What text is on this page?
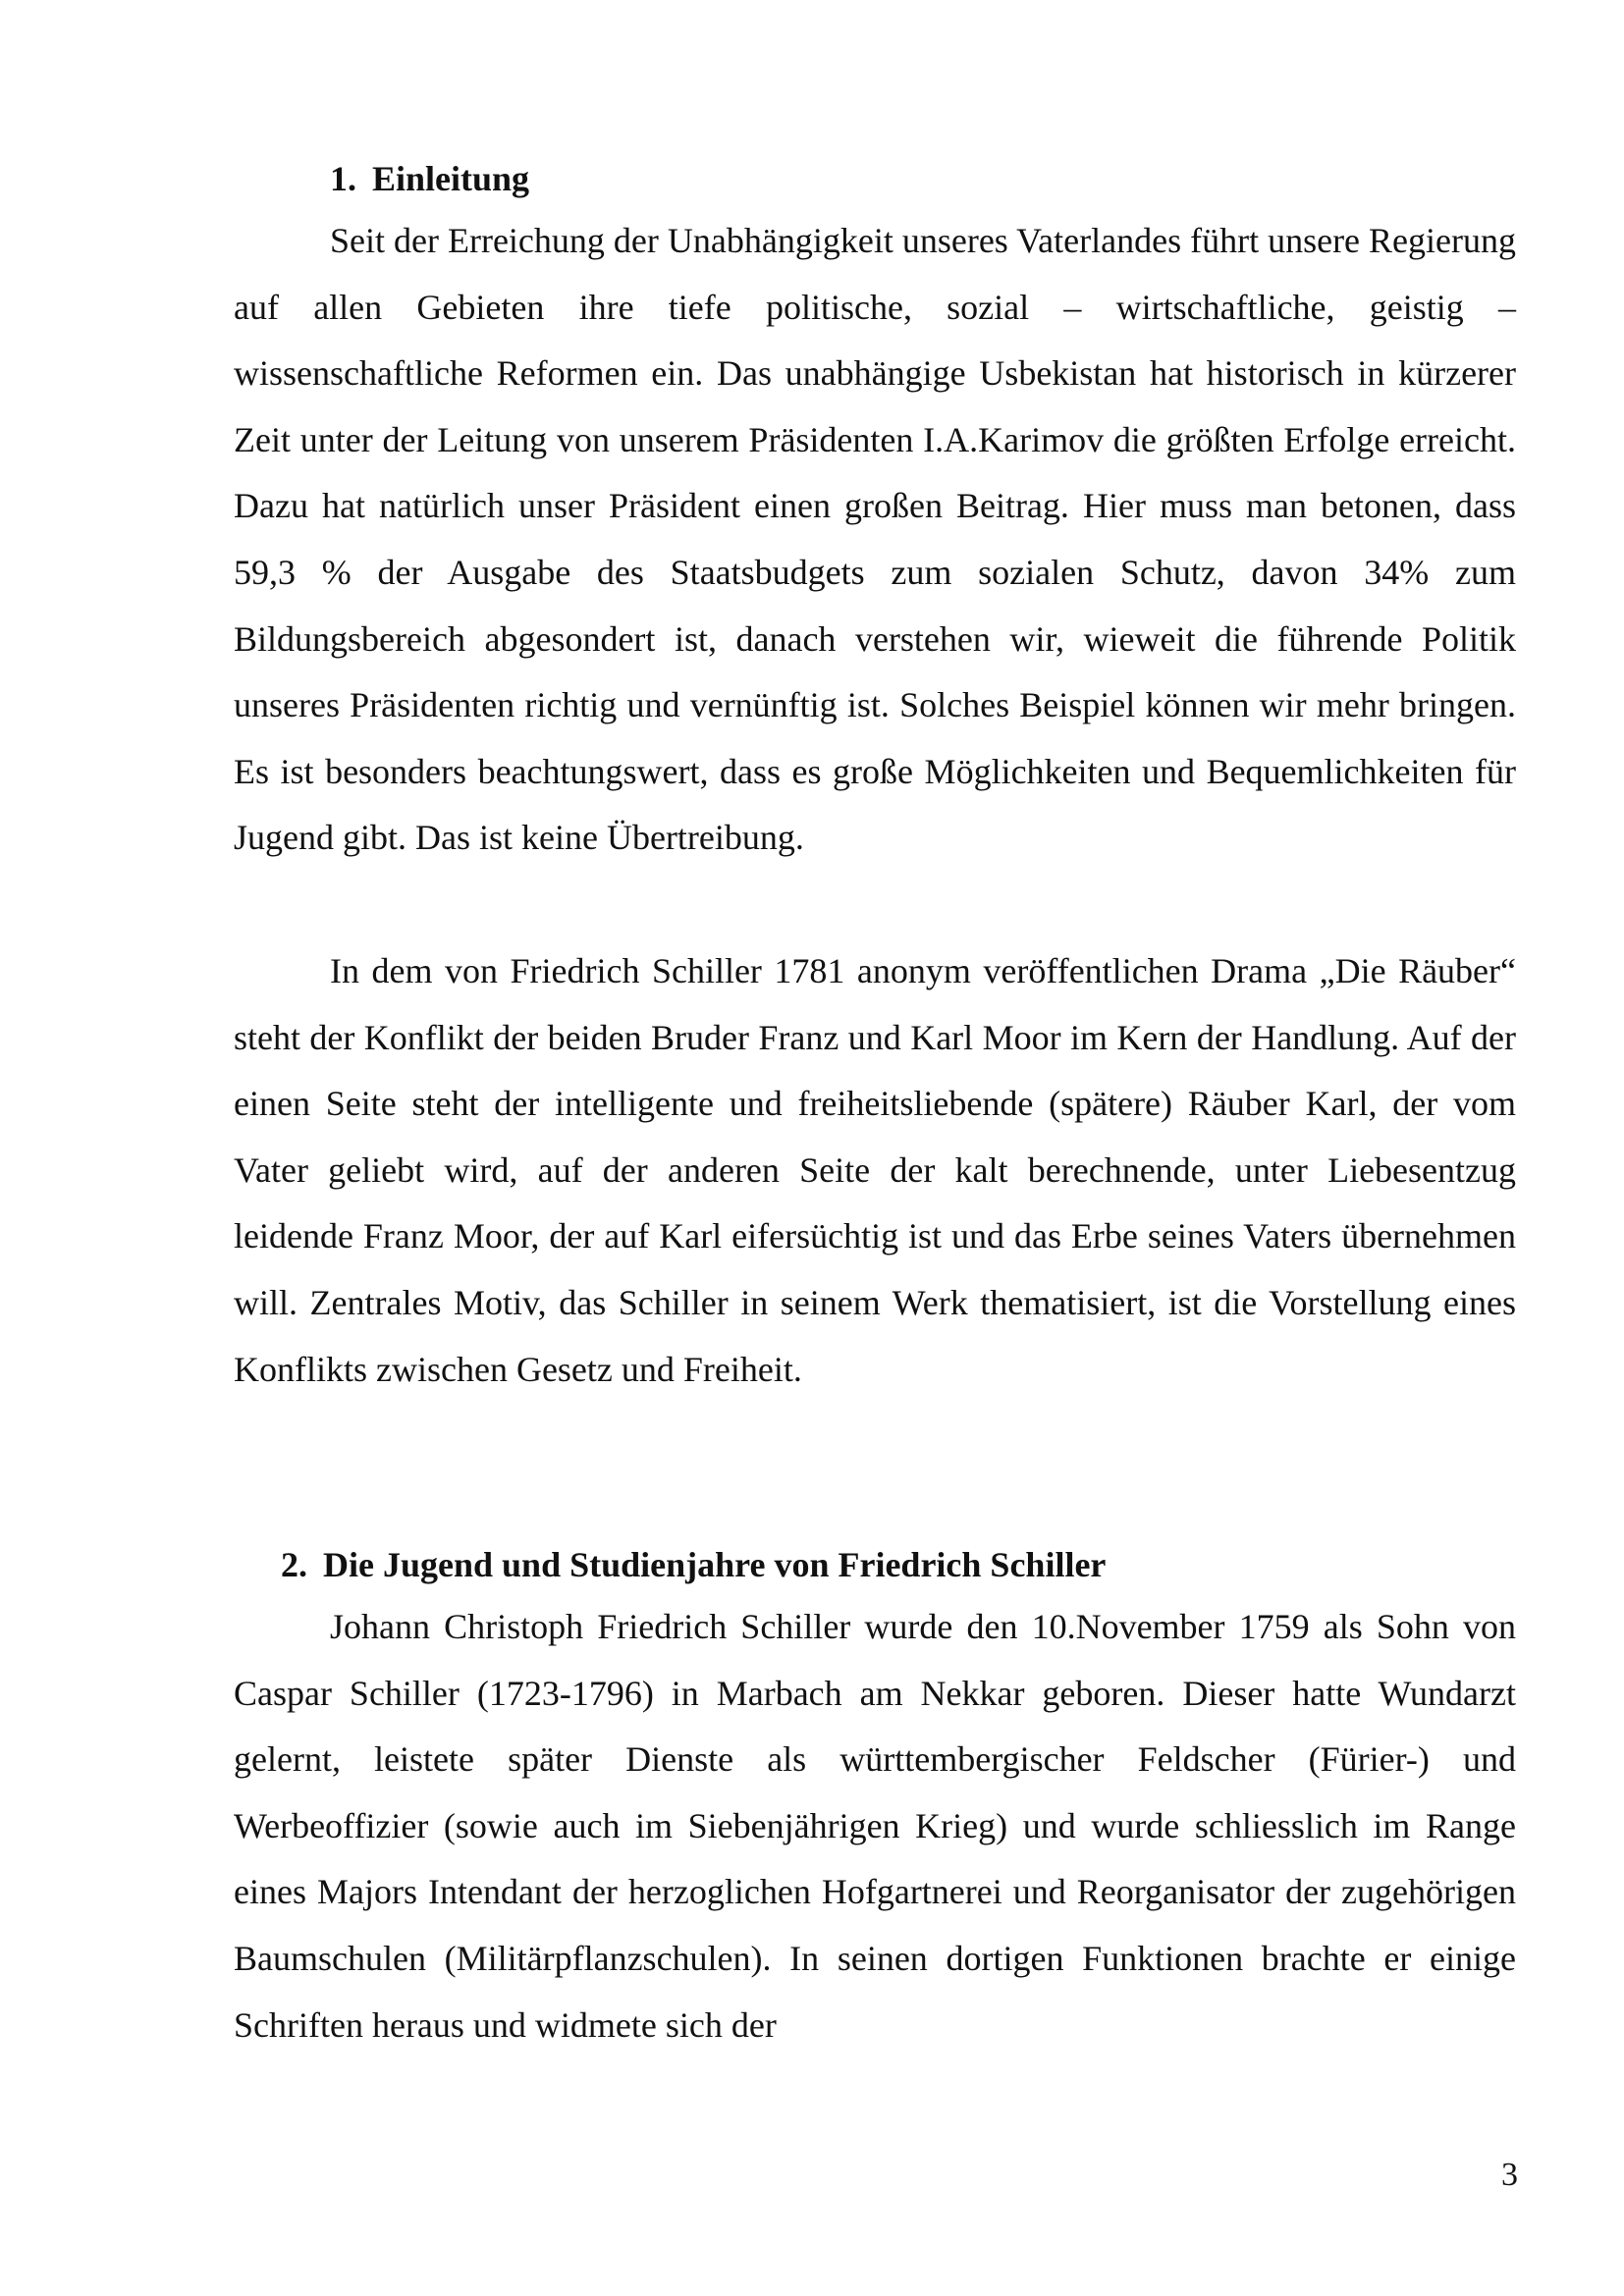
1. Einleitung

Seit der Erreichung der Unabhängigkeit unseres Vaterlandes führt unsere Regierung auf allen Gebieten ihre tiefe politische, sozial – wirtschaftliche, geistig – wissenschaftliche Reformen ein. Das unabhängige Usbekistan hat historisch in kürzerer Zeit unter der Leitung von unserem Präsidenten I.A.Karimov die größten Erfolge erreicht. Dazu hat natürlich unser Präsident einen großen Beitrag. Hier muss man betonen, dass 59,3 % der Ausgabe des Staatsbudgets zum sozialen Schutz, davon 34% zum Bildungsbereich abgesondert ist, danach verstehen wir, wieweit die führende Politik unseres Präsidenten richtig und vernünftig ist. Solches Beispiel können wir mehr bringen. Es ist besonders beachtungswert, dass es große Möglichkeiten und Bequemlichkeiten für Jugend gibt. Das ist keine Übertreibung.

In dem von Friedrich Schiller 1781 anonym veröffentlichen Drama „Die Räuber“ steht der Konflikt der beiden Bruder Franz und Karl Moor im Kern der Handlung. Auf der einen Seite steht der intelligente und freiheitsliebende (spätere) Räuber Karl, der vom Vater geliebt wird, auf der anderen Seite der kalt berechnende, unter Liebesentzug leidende Franz Moor, der auf Karl eifersüchtig ist und das Erbe seines Vaters übernehmen will. Zentrales Motiv, das Schiller in seinem Werk thematisiert, ist die Vorstellung eines Konflikts zwischen Gesetz und Freiheit.

2. Die Jugend und Studienjahre von Friedrich Schiller

Johann Christoph Friedrich Schiller wurde den 10.November 1759 als Sohn von Caspar Schiller (1723-1796) in Marbach am Nekkar geboren. Dieser hatte Wundarzt gelernt, leistete später Dienste als württembergischer Feldscher (Fürier-) und Werbeoffizier (sowie auch im Siebenjährigen Krieg) und wurde schliesslich im Range eines Majors Intendant der herzoglichen Hofgartnerei und Reorganisator der zugehörigen Baumschulen (Militärpflanzschulen). In seinen dortigen Funktionen brachte er einige Schriften heraus und widmete sich der

3
